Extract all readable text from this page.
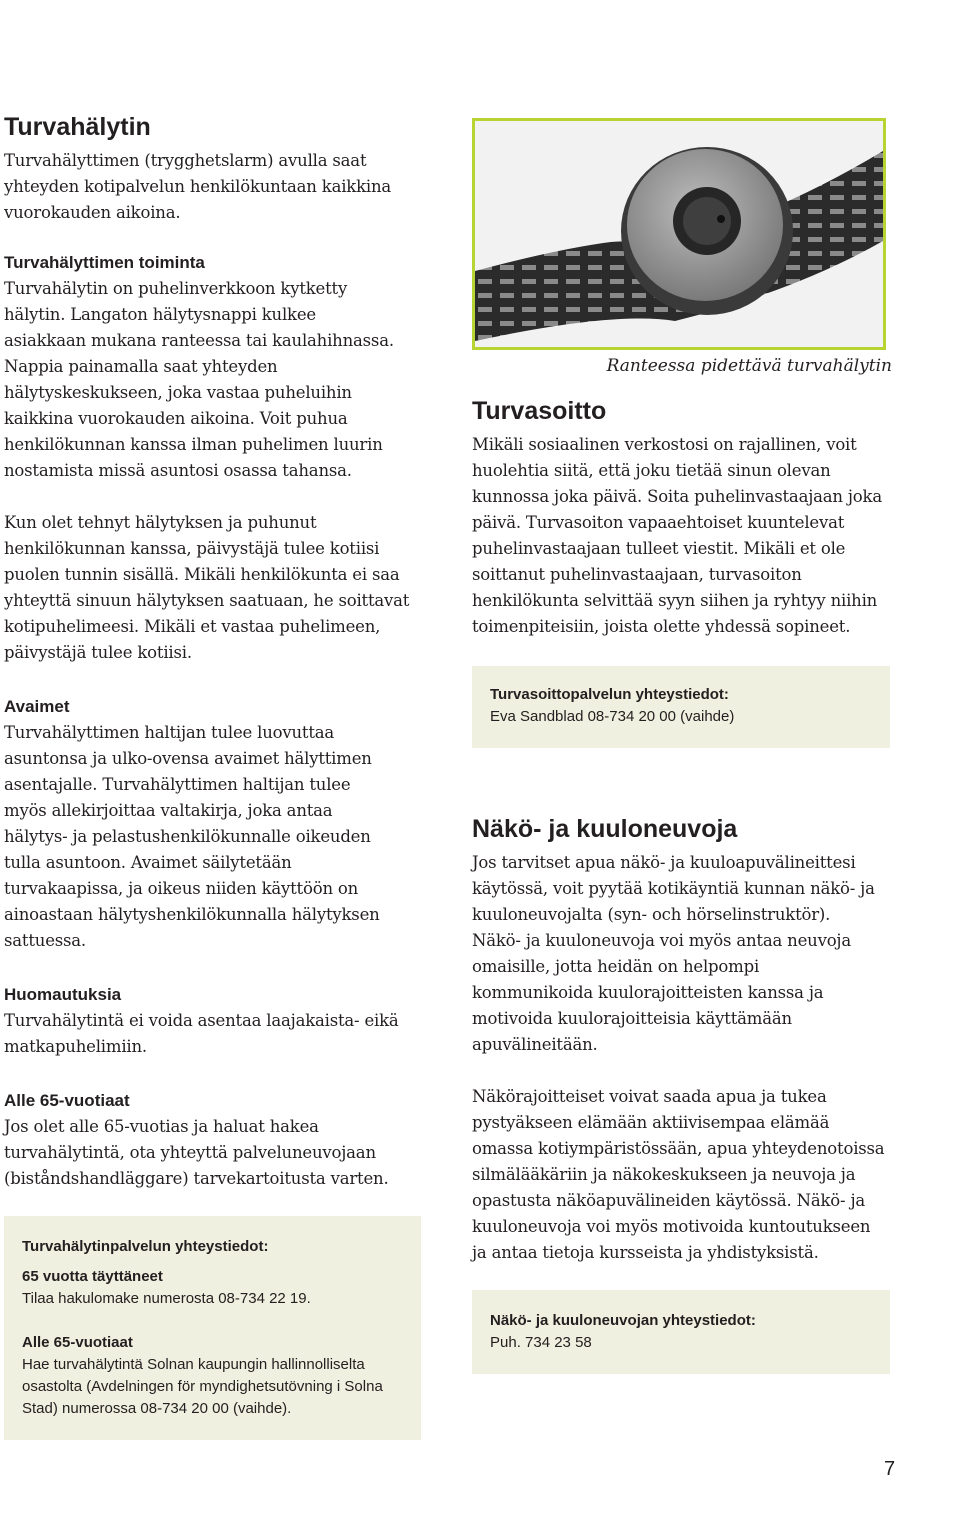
Turvahälytin

Turvahälyttimen (trygghetslarm) avulla saat yhteyden kotipalvelun henkilökuntaan kaikkina vuorokauden aikoina.

Turvahälyttimen toiminta

Turvahälytin on puhelinverkkoon kytketty hälytin. Langaton hälytysnappi kulkee asiakkaan mukana ranteessa tai kaulahihnassa. Nappia painamalla saat yhteyden hälytyskeskukseen, joka vastaa puheluihin kaikkina vuorokauden aikoina. Voit puhua henkilökunnan kanssa ilman puhelimen luurin nostamista missä asuntosi osassa tahansa.

Kun olet tehnyt hälytyksen ja puhunut henkilökunnan kanssa, päivystäjä tulee kotiisi puolen tunnin sisällä. Mikäli henkilökunta ei saa yhteyttä sinuun hälytyksen saatuaan, he soittavat kotipuhelimeesi. Mikäli et vastaa puhelimeen, päivystäjä tulee kotiisi.

Avaimet

Turvahälyttimen haltijan tulee luovuttaa asuntonsa ja ulko-ovensa avaimet hälyttimen asentajalle. Turvahälyttimen haltijan tulee myös allekirjoittaa valtakirja, joka antaa hälytys- ja pelastushenkilökunnalle oikeuden tulla asuntoon. Avaimet säilytetään turvakaapissa, ja oikeus niiden käyttöön on ainoastaan hälytyshenkilökunnalla hälytyksen sattuessa.

Huomautuksia

Turvahälytintä ei voida asentaa laajakaista- eikä matkapuhelimiin.

Alle 65-vuotiaat

Jos olet alle 65-vuotias ja haluat hakea turvahälytintä, ota yhteyttä palveluneuvojaan (biståndshandläggare) tarvekartoitusta varten.

Turvahälytinpalvelun yhteystiedot:
65 vuotta täyttäneet
Tilaa hakulomake numerosta 08-734 22 19.
Alle 65-vuotiaat
Hae turvahälytintä Solnan kaupungin hallinnolliselta osastolta (Avdelningen för myndighetsutövning i Solna Stad) numerossa 08-734 20 00 (vaihde).

Ranteessa pidettävä turvahälytin

Turvasoitto

Mikäli sosiaalinen verkostosi on rajallinen, voit huolehtia siitä, että joku tietää sinun olevan kunnossa joka päivä. Soita puhelinvastaajaan joka päivä. Turvasoiton vapaaehtoiset kuuntelevat puhelinvastaajaan tulleet viestit. Mikäli et ole soittanut puhelinvastaajaan, turvasoiton henkilökunta selvittää syyn siihen ja ryhtyy niihin toimenpiteisiin, joista olette yhdessä sopineet.

Turvasoittopalvelun yhteystiedot:
Eva Sandblad 08-734 20 00 (vaihde)
Näkö- ja kuuloneuvoja

Jos tarvitset apua näkö- ja kuuloapuvälineittesi käytössä, voit pyytää kotikäyntiä kunnan näkö- ja kuuloneuvojalta (syn- och hörselinstruktör). Näkö- ja kuuloneuvoja voi myös antaa neuvoja omaisille, jotta heidän on helpompi kommunikoida kuulorajoitteisten kanssa ja motivoida kuulorajoitteisia käyttämään apuvälineitään.

Näkörajoitteiset voivat saada apua ja tukea pystyäkseen elämään aktiivisempaa elämää omassa kotiympäristössään, apua yhteydenotoissa silmälääkäriin ja näkokeskukseen ja neuvoja ja opastusta näköapuvälineiden käytössä. Näkö- ja kuuloneuvoja voi myös motivoida kuntoutukseen ja antaa tietoja kursseista ja yhdistyksistä.

Näkö- ja kuuloneuvojan yhteystiedot:
Puh. 734 23 58
7
